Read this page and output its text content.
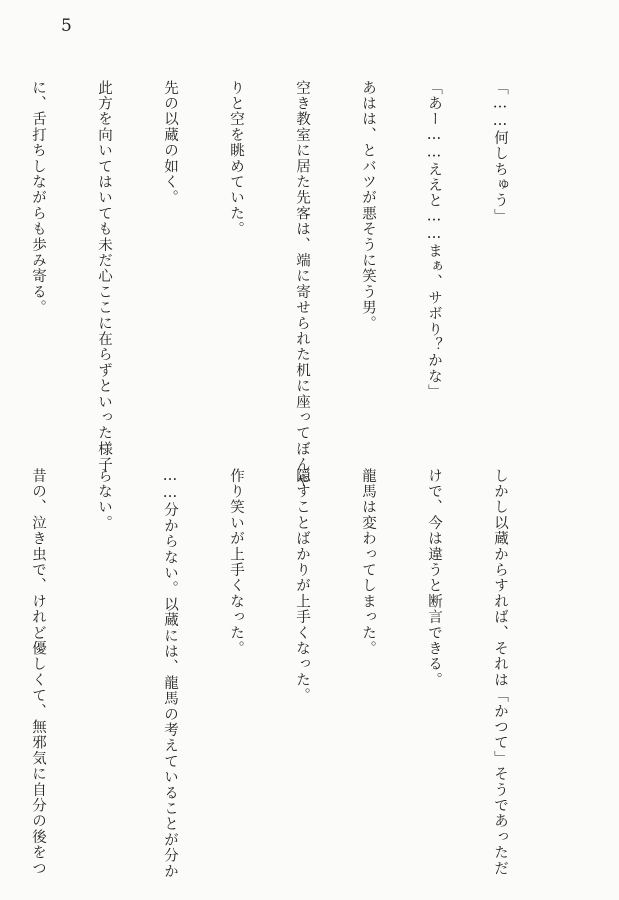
5

「……何しちゅう」

「あー……ええと……まぁ、サボり？かな」

あはは、とバツが悪そうに笑う男。

空き教室に居た先客は、端に寄せられた机に座ってぼんや

りと空を眺めていた。

先の以蔵の如く。

此方を向いてはいても未だ心ここに在らずといった様子

に、舌打ちしながらも歩み寄る。

しかし以蔵からすれば、それは「かつて」そうであっただ

けで、今は違うと断言できる。

龍馬は変わってしまった。

隠すことばかりが上手くなった。

作り笑いが上手くなった。

……分からない。以蔵には、龍馬の考えていることが分か

らない。

昔の、泣き虫で、けれど優しくて、無邪気に自分の後をつ
